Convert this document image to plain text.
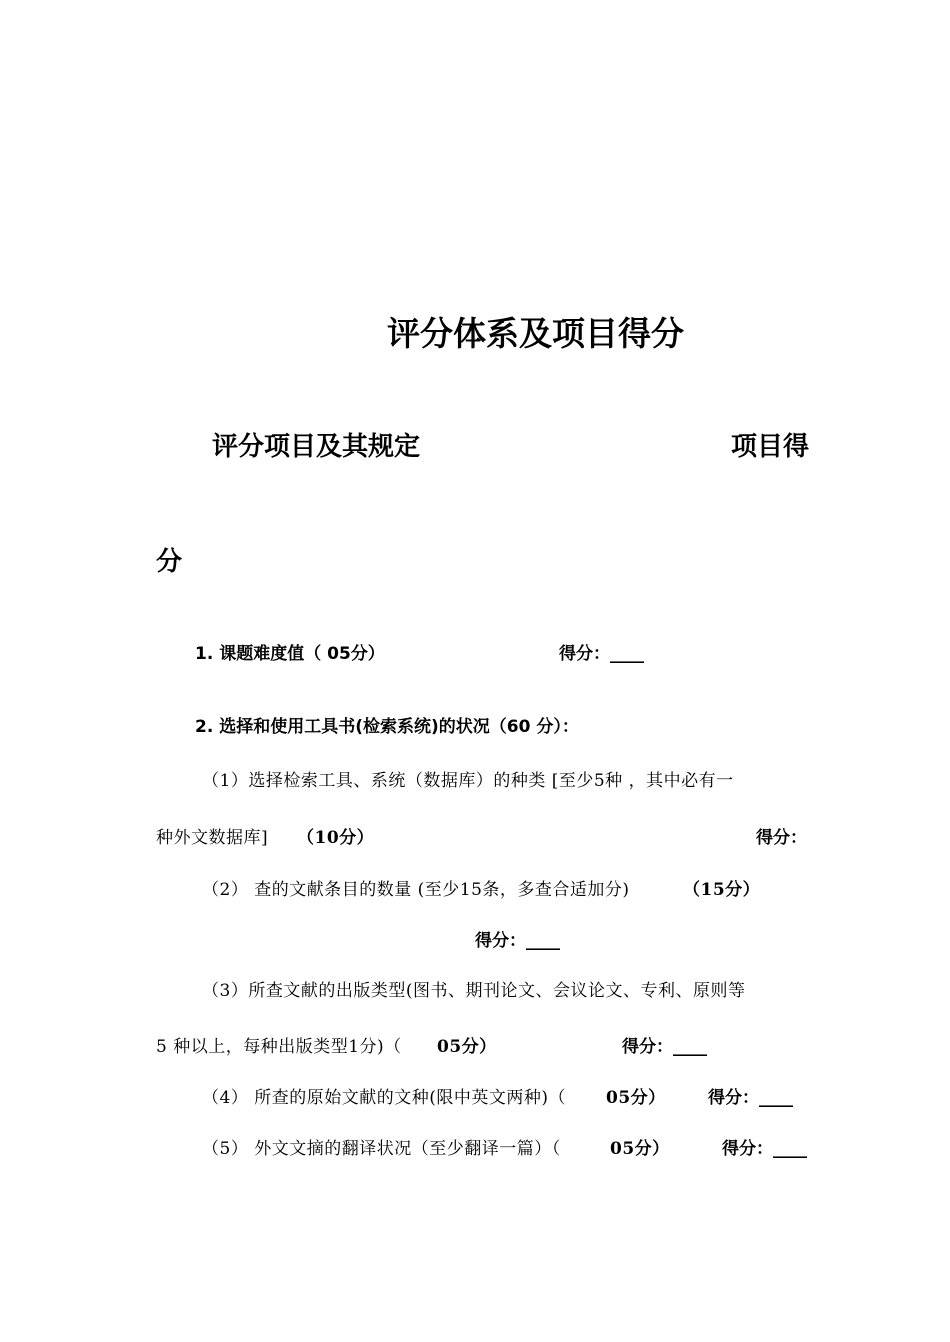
评分体系及项目得分
评分项目及其规定	项目得
分
1. 课题难度值（ 05分）	得分：____
2. 选择和使用工具书(检索系统)的状况（60 分）：
（1）选择检索工具、系统（数据库）的种类 [至少5种 ，其中必有一
种外文数据库] （10分）	得分：
（2） 查的文献条目的数量 (至少15条，多查合适加分)	（15分）
得分：____
（3）所查文献的出版类型(图书、期刊论文、会议论文、专利、原则等
5 种以上，每种出版类型1分)（ 05分）	得分：____
（4） 所查的原始文献的文种(限中英文两种)（ 05分） 得分：____
（5） 外文文摘的翻译状况（至少翻译一篇）（	05分）	得分：____
